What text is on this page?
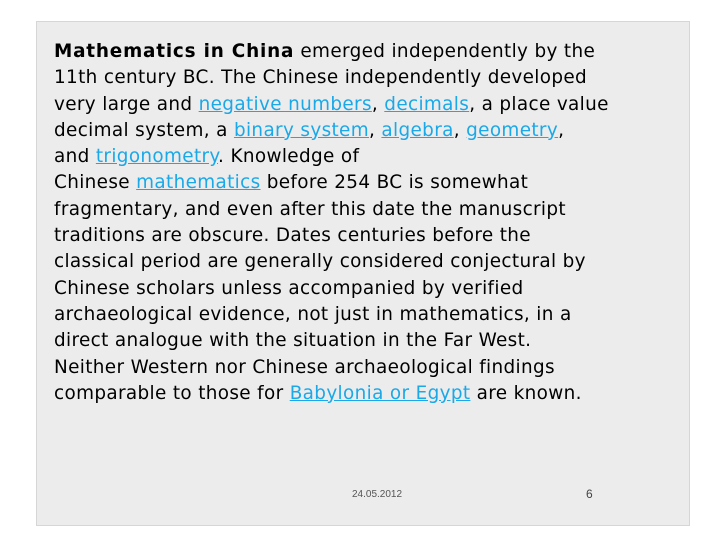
Mathematics in China emerged independently by the
11th century BC. The Chinese independently developed
very large and negative numbers, decimals, a place value
decimal system, a binary system, algebra, geometry,
and trigonometry. Knowledge of
Chinese mathematics before 254 BC is somewhat
fragmentary, and even after this date the manuscript
traditions are obscure. Dates centuries before the
classical period are generally considered conjectural by
Chinese scholars unless accompanied by verified
archaeological evidence, not just in mathematics, in a
direct analogue with the situation in the Far West.
Neither Western nor Chinese archaeological findings
comparable to those for Babylonia or Egypt are known.

24.05.2012	6
